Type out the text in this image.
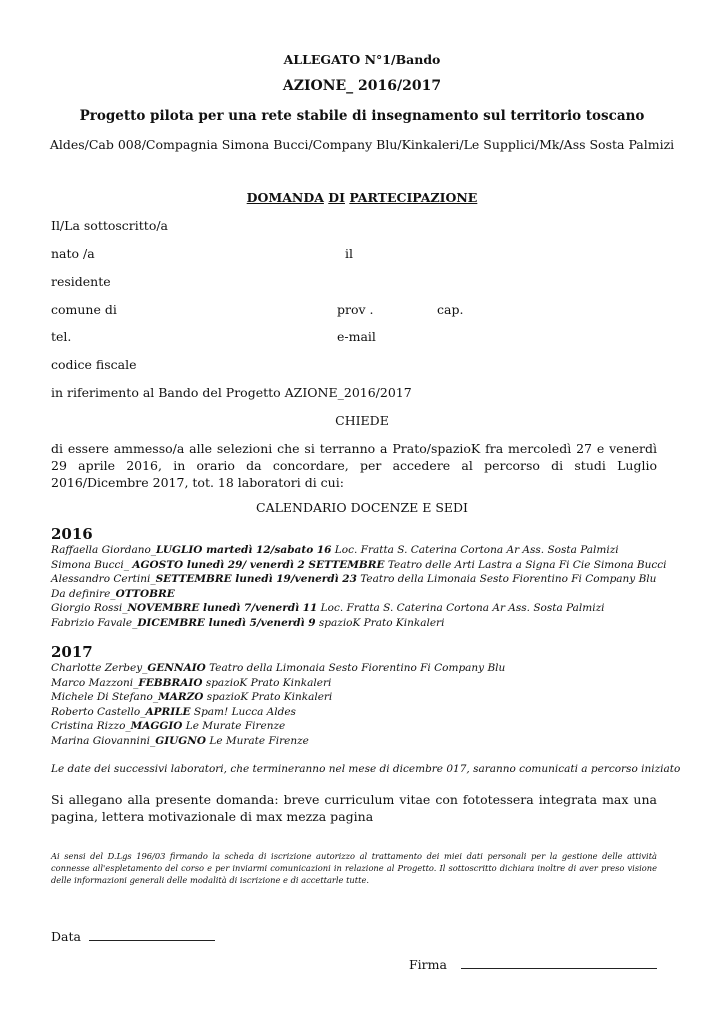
ALLEGATO N°1/Bando
AZIONE_ 2016/2017
Progetto pilota per una rete stabile di insegnamento sul territorio toscano
Aldes/Cab 008/Compagnia Simona Bucci/Company Blu/Kinkaleri/Le Supplici/Mk/Ass Sosta Palmizi
DOMANDA DI PARTECIPAZIONE
Il/La sottoscritto/a
nato /a	il
residente
comune di	prov .	cap.
tel.	e-mail
codice fiscale
in riferimento al Bando del Progetto AZIONE_2016/2017
CHIEDE
di essere ammesso/a alle selezioni che si terranno a Prato/spazioK fra mercoledì 27 e venerdì 29 aprile 2016, in orario da concordare, per accedere al percorso di studi Luglio 2016/Dicembre 2017, tot. 18 laboratori di cui:
CALENDARIO DOCENZE E SEDI
2016
Raffaella Giordano_LUGLIO martedì 12/sabato 16 Loc. Fratta S. Caterina Cortona Ar Ass. Sosta Palmizi
Simona Bucci_ AGOSTO lunedì 29/ venerdì 2 SETTEMBRE Teatro delle Arti Lastra a Signa Fi Cie Simona Bucci
Alessandro Certini_SETTEMBRE lunedì 19/venerdì 23 Teatro della Limonaia Sesto Fiorentino Fi Company Blu
Da definire_OTTOBRE
Giorgio Rossi_NOVEMBRE lunedì 7/venerdì 11 Loc. Fratta S. Caterina Cortona Ar Ass. Sosta Palmizi
Fabrizio Favale_DICEMBRE lunedì 5/venerdì 9 spazioK Prato Kinkaleri
2017
Charlotte Zerbey_GENNAIO Teatro della Limonaia Sesto Fiorentino Fi Company Blu
Marco Mazzoni_FEBBRAIO spazioK Prato Kinkaleri
Michele Di Stefano_MARZO spazioK Prato Kinkaleri
Roberto Castello_APRILE Spam! Lucca Aldes
Cristina Rizzo_MAGGIO Le Murate Firenze
Marina Giovannini_GIUGNO Le Murate Firenze
Le date dei successivi laboratori, che termineranno nel mese di dicembre 017, saranno comunicati a percorso iniziato
Si allegano alla presente domanda: breve curriculum vitae con fototessera integrata max una pagina, lettera motivazionale di max mezza pagina
Ai sensi del D.Lgs 196/03 firmando la scheda di iscrizione autorizzo al trattamento dei miei dati personali per la gestione delle attività connesse all'espletamento del corso e per inviarmi comunicazioni in relazione al Progetto. Il sottoscritto dichiara inoltre di aver preso visione delle informazioni generali delle modalità di iscrizione e di accettarle tutte.
Data
Firma
